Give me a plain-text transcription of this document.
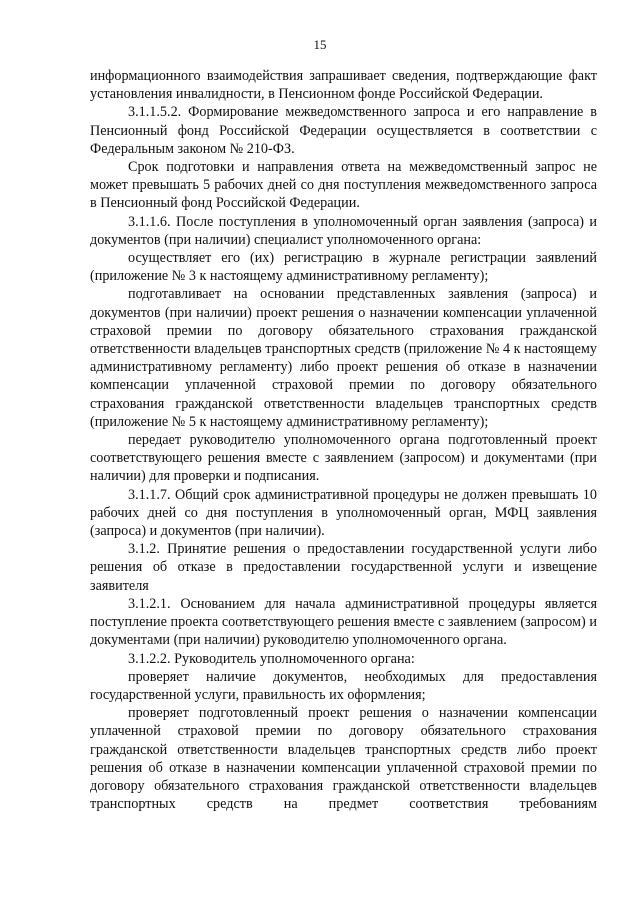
15

информационного взаимодействия запрашивает сведения, подтверждающие факт установления инвалидности, в Пенсионном фонде Российской Федерации.

3.1.1.5.2. Формирование межведомственного запроса и его направление в Пенсионный фонд Российской Федерации осуществляется в соответствии с Федеральным законом № 210-ФЗ.

Срок подготовки и направления ответа на межведомственный запрос не может превышать 5 рабочих дней со дня поступления межведомственного запроса в Пенсионный фонд Российской Федерации.

3.1.1.6. После поступления в уполномоченный орган заявления (запроса) и документов (при наличии) специалист уполномоченного органа:

осуществляет его (их) регистрацию в журнале регистрации заявлений (приложение № 3 к настоящему административному регламенту);

подготавливает на основании представленных заявления (запроса) и документов (при наличии) проект решения о назначении компенсации уплаченной страховой премии по договору обязательного страхования гражданской ответственности владельцев транспортных средств (приложение № 4 к настоящему административному регламенту) либо проект решения об отказе в назначении компенсации уплаченной страховой премии по договору обязательного страхования гражданской ответственности владельцев транспортных средств (приложение № 5 к настоящему административному регламенту);

передает руководителю уполномоченного органа подготовленный проект соответствующего решения вместе с заявлением (запросом) и документами (при наличии) для проверки и подписания.

3.1.1.7. Общий срок административной процедуры не должен превышать 10 рабочих дней со дня поступления в уполномоченный орган, МФЦ заявления (запроса) и документов (при наличии).

3.1.2. Принятие решения о предоставлении государственной услуги либо решения об отказе в предоставлении государственной услуги и извещение заявителя

3.1.2.1. Основанием для начала административной процедуры является поступление проекта соответствующего решения вместе с заявлением (запросом) и документами (при наличии) руководителю уполномоченного органа.

3.1.2.2. Руководитель уполномоченного органа:

проверяет наличие документов, необходимых для предоставления государственной услуги, правильность их оформления;

проверяет подготовленный проект решения о назначении компенсации уплаченной страховой премии по договору обязательного страхования гражданской ответственности владельцев транспортных средств либо проект решения об отказе в назначении компенсации уплаченной страховой премии по договору обязательного страхования гражданской ответственности владельцев транспортных средств на предмет соответствия требованиям
